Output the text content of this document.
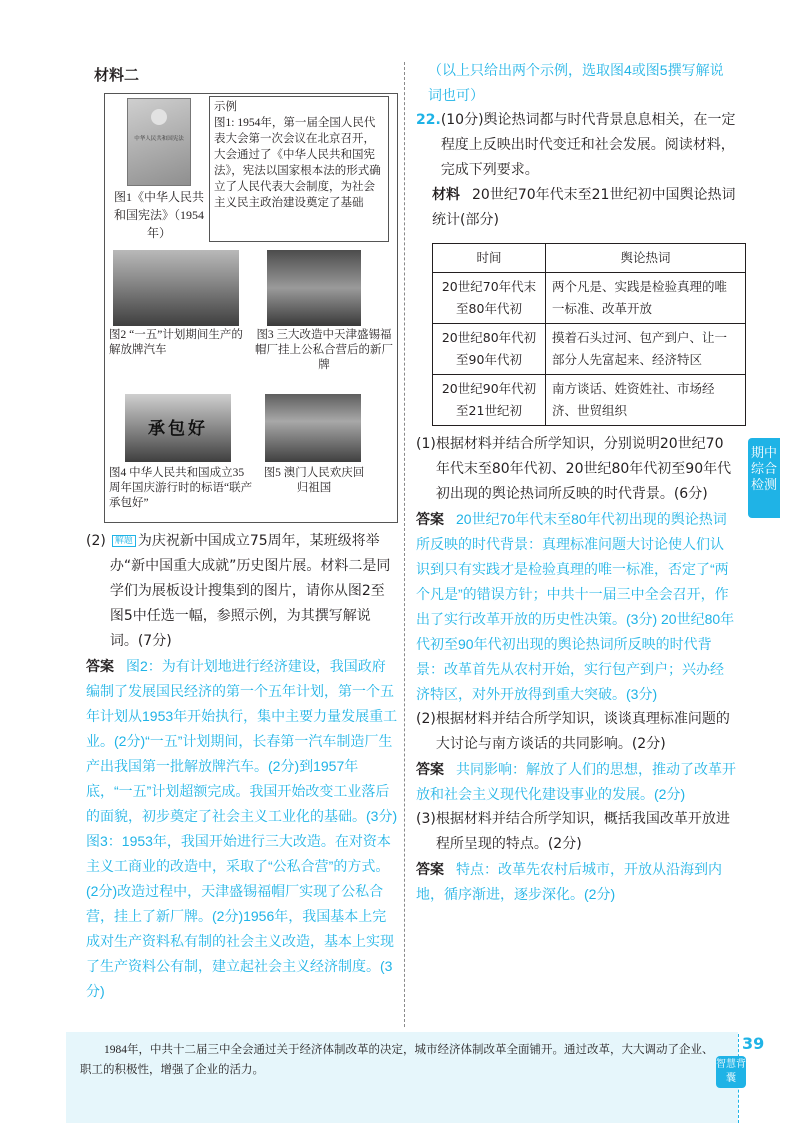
材料二
中华人民共和国宪法
图1《中华人民共和国宪法》（1954年）
示例
图1: 1954年，第一届全国人民代表大会第一次会议在北京召开，大会通过了《中华人民共和国宪法》，宪法以国家根本法的形式确立了人民代表大会制度，为社会主义民主政治建设奠定了基础
图2 “一五”计划期间生产的解放牌汽车
图3 三大改造中天津盛锡福帽厂挂上公私合营后的新厂牌
承包好
图4 中华人民共和国成立35周年国庆游行时的标语“联产承包好”
图5 澳门人民欢庆回归祖国
(2)	解题 为庆祝新中国成立75周年，某班级将举办“新中国重大成就”历史图片展。材料二是同学们为展板设计搜集到的图片，请你从图2至图5中任选一幅，参照示例，为其撰写解说词。(7分)

答案 图2：为有计划地进行经济建设，我国政府编制了发展国民经济的第一个五年计划，第一个五年计划从1953年开始执行，集中主要力量发展重工业。(2分)“一五”计划期间，长春第一汽车制造厂生产出我国第一批解放牌汽车。(2分)到1957年底，“一五”计划超额完成。我国开始改变工业落后的面貌，初步奠定了社会主义工业化的基础。(3分)

图3：1953年，我国开始进行三大改造。在对资本主义工商业的改造中，采取了“公私合营”的方式。(2分)改造过程中，天津盛锡福帽厂实现了公私合营，挂上了新厂牌。(2分)1956年，我国基本上完成对生产资料私有制的社会主义改造，基本上实现了生产资料公有制，建立起社会主义经济制度。(3分)

（以上只给出两个示例，选取图4或图5撰写解说词也可）

22. (10分)舆论热词都与时代背景息息相关，在一定程度上反映出时代变迁和社会发展。阅读材料，完成下列要求。

材料 20世纪70年代末至21世纪初中国舆论热词统计(部分)

时间	舆论热词
20世纪70年代末至80年代初	两个凡是、实践是检验真理的唯一标准、改革开放
20世纪80年代初至90年代初	摸着石头过河、包产到户、让一部分人先富起来、经济特区
20世纪90年代初至21世纪初	南方谈话、姓资姓社、市场经济、世贸组织
(1) 根据材料并结合所学知识，分别说明20世纪70年代末至80年代初、20世纪80年代初至90年代初出现的舆论热词所反映的时代背景。(6分)

答案 20世纪70年代末至80年代初出现的舆论热词所反映的时代背景：真理标准问题大讨论使人们认识到只有实践才是检验真理的唯一标准，否定了“两个凡是”的错误方针；中共十一届三中全会召开，作出了实行改革开放的历史性决策。(3分) 20世纪80年代初至90年代初出现的舆论热词所反映的时代背景：改革首先从农村开始，实行包产到户；兴办经济特区，对外开放得到重大突破。(3分)

(2) 根据材料并结合所学知识，谈谈真理标准问题的大讨论与南方谈话的共同影响。(2分)

答案 共同影响：解放了人们的思想，推动了改革开放和社会主义现代化建设事业的发展。(2分)

(3) 根据材料并结合所学知识，概括我国改革开放进程所呈现的特点。(2分)

答案 特点：改革先农村后城市，开放从沿海到内地，循序渐进，逐步深化。(2分)

期中综合检测
1984年，中共十二届三中全会通过关于经济体制改革的决定，城市经济体制改革全面铺开。通过改革，大大调动了企业、职工的积极性，增强了企业的活力。
39
智慧背囊
